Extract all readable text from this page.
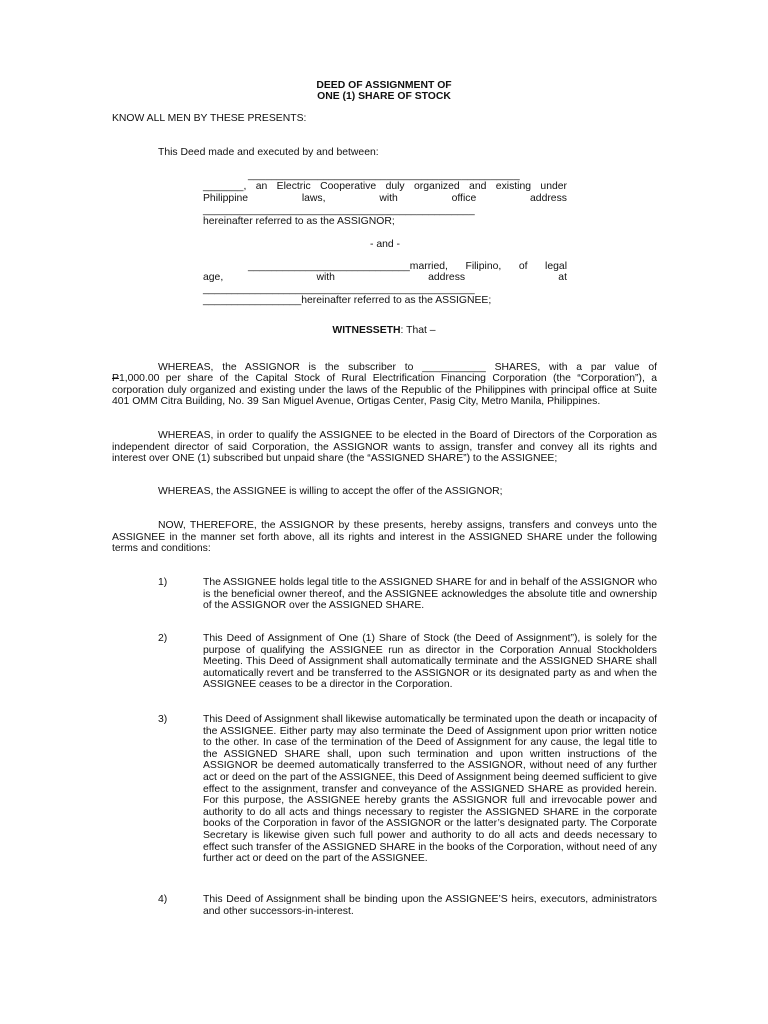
DEED OF ASSIGNMENT OF

ONE (1) SHARE OF STOCK

KNOW ALL MEN BY THESE PRESENTS:

This Deed made and executed by and between:

_______________________________________________

_______, an Electric Cooperative duly organized and existing under

Philippine	laws,	with	office	address

_______________________________________________

hereinafter referred to as the ASSIGNOR;

- and -

____________________________married, Filipino, of legal

age,	with	address	at

_______________________________________________

_________________hereinafter referred to as the ASSIGNEE;

WITNESSETH: That –

WHEREAS, the ASSIGNOR is the subscriber to ___________ SHARES, with a par value of

P1,000.00 per share of the Capital Stock of Rural Electrification Financing Corporation (the “Corporation”), a corporation duly organized and existing under the laws of the Republic of the Philippines with principal office at Suite 401 OMM Citra Building, No. 39 San Miguel Avenue, Ortigas Center, Pasig City, Metro Manila, Philippines.

WHEREAS, in order to qualify the ASSIGNEE to be elected in the Board of Directors of the Corporation as independent director of said Corporation, the ASSIGNOR wants to assign, transfer and convey all its rights and interest over ONE (1) subscribed but unpaid share (the “ASSIGNED SHARE”) to the ASSIGNEE;

WHEREAS, the ASSIGNEE is willing to accept the offer of the ASSIGNOR;

NOW, THEREFORE, the ASSIGNOR by these presents, hereby assigns, transfers and conveys unto the ASSIGNEE in the manner set forth above, all its rights and interest in the ASSIGNED SHARE under the following terms and conditions:

1)	The ASSIGNEE holds legal title to the ASSIGNED SHARE for and in behalf of the ASSIGNOR who is the beneficial owner thereof, and the ASSIGNEE acknowledges the absolute title and ownership of the ASSIGNOR over the ASSIGNED SHARE.

2)	This Deed of Assignment of One (1) Share of Stock (the Deed of Assignment”), is solely for the purpose of qualifying the ASSIGNEE run as director in the Corporation Annual Stockholders Meeting. This Deed of Assignment shall automatically terminate and the ASSIGNED SHARE shall automatically revert and be transferred to the ASSIGNOR or its designated party as and when the ASSIGNEE ceases to be a director in the Corporation.

3)	This Deed of Assignment shall likewise automatically be terminated upon the death or incapacity of the ASSIGNEE. Either party may also terminate the Deed of Assignment upon prior written notice to the other. In case of the termination of the Deed of Assignment for any cause, the legal title to the ASSIGNED SHARE shall, upon such termination and upon written instructions of the ASSIGNOR be deemed automatically transferred to the ASSIGNOR, without need of any further act or deed on the part of the ASSIGNEE, this Deed of Assignment being deemed sufficient to give effect to the assignment, transfer and conveyance of the ASSIGNED SHARE as provided herein. For this purpose, the ASSIGNEE hereby grants the ASSIGNOR full and irrevocable power and authority to do all acts and things necessary to register the ASSIGNED SHARE in the corporate books of the Corporation in favor of the ASSIGNOR or the latter’s designated party. The Corporate Secretary is likewise given such full power and authority to do all acts and deeds necessary to effect such transfer of the ASSIGNED SHARE in the books of the Corporation, without need of any further act or deed on the part of the ASSIGNEE.

4)	This Deed of Assignment shall be binding upon the ASSIGNEE’S heirs, executors, administrators and other successors-in-interest.
